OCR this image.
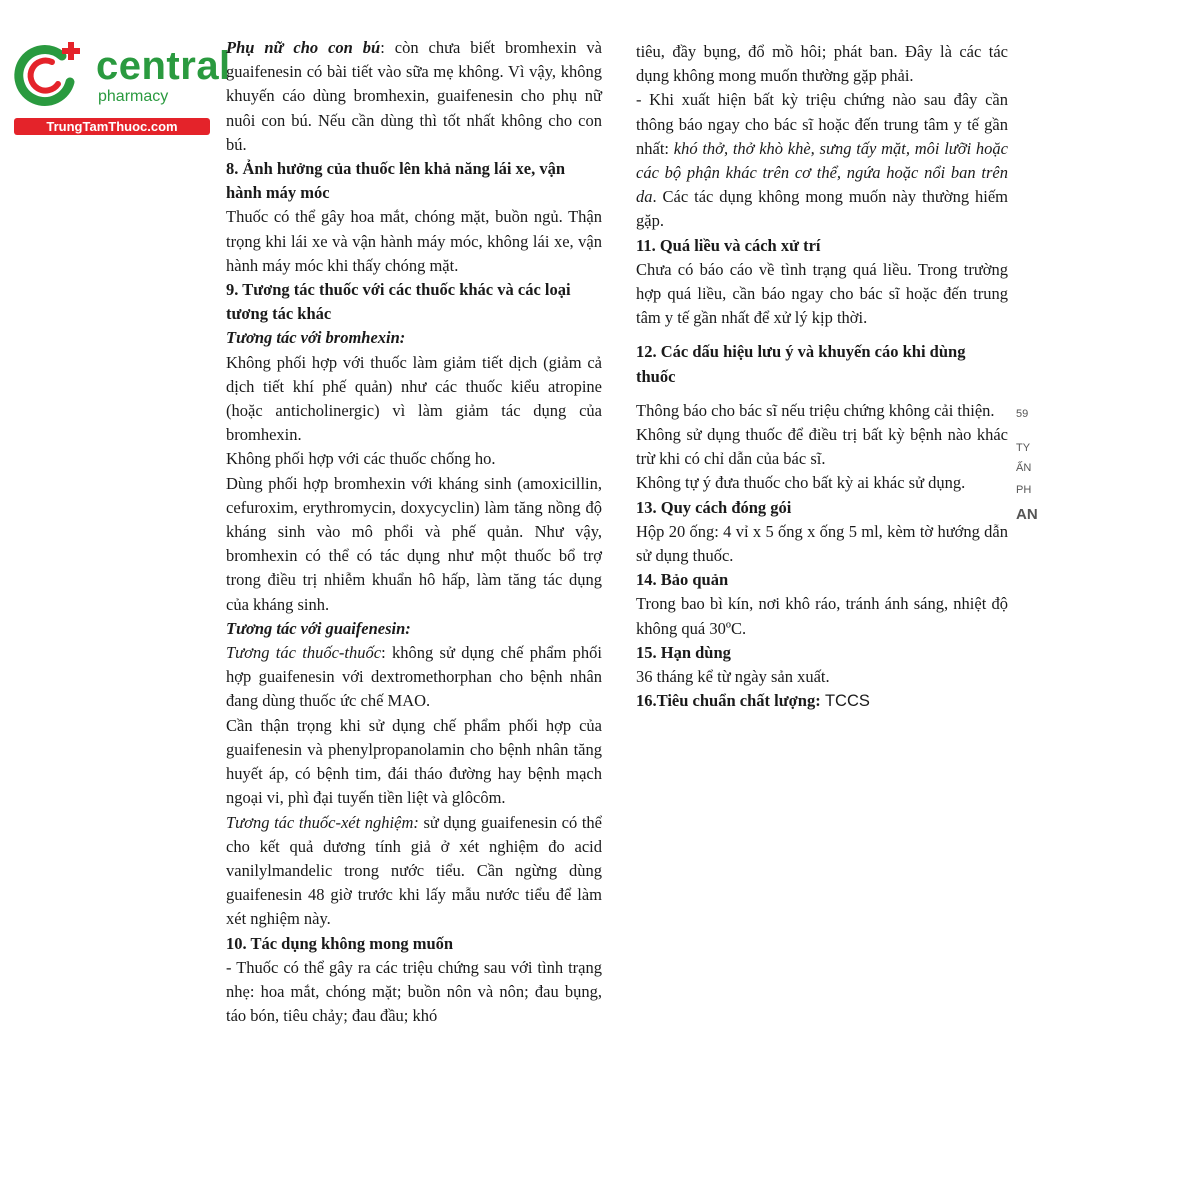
central
pharmacy
TrungTamThuoc.com

Phụ nữ cho con bú: còn chưa biết bromhexin và guaifenesin có bài tiết vào sữa mẹ không. Vì vậy, không khuyến cáo dùng bromhexin, guaifenesin cho phụ nữ nuôi con bú. Nếu cần dùng thì tốt nhất không cho con bú.

8. Ảnh hưởng của thuốc lên khả năng lái xe, vận hành máy móc

Thuốc có thể gây hoa mắt, chóng mặt, buồn ngủ. Thận trọng khi lái xe và vận hành máy móc, không lái xe, vận hành máy móc khi thấy chóng mặt.

9. Tương tác thuốc với các thuốc khác và các loại tương tác khác

Tương tác với bromhexin:

Không phối hợp với thuốc làm giảm tiết dịch (giảm cả dịch tiết khí phế quản) như các thuốc kiểu atropine (hoặc anticholinergic) vì làm giảm tác dụng của bromhexin.

Không phối hợp với các thuốc chống ho.

Dùng phối hợp bromhexin với kháng sinh (amoxicillin, cefuroxim, erythromycin, doxycyclin) làm tăng nồng độ kháng sinh vào mô phổi và phế quản. Như vậy, bromhexin có thể có tác dụng như một thuốc bổ trợ trong điều trị nhiễm khuẩn hô hấp, làm tăng tác dụng của kháng sinh.

Tương tác với guaifenesin:

Tương tác thuốc-thuốc: không sử dụng chế phẩm phối hợp guaifenesin với dextromethorphan cho bệnh nhân đang dùng thuốc ức chế MAO.

Cần thận trọng khi sử dụng chế phẩm phối hợp của guaifenesin và phenylpropanolamin cho bệnh nhân tăng huyết áp, có bệnh tim, đái tháo đường hay bệnh mạch ngoại vi, phì đại tuyến tiền liệt và glôcôm.

Tương tác thuốc-xét nghiệm: sử dụng guaifenesin có thể cho kết quả dương tính giả ở xét nghiệm đo acid vanilylmandelic trong nước tiểu. Cần ngừng dùng guaifenesin 48 giờ trước khi lấy mẫu nước tiểu để làm xét nghiệm này.

10. Tác dụng không mong muốn

- Thuốc có thể gây ra các triệu chứng sau với tình trạng nhẹ: hoa mắt, chóng mặt; buồn nôn và nôn; đau bụng, táo bón, tiêu chảy; đau đầu; khó

tiêu, đầy bụng, đổ mồ hôi; phát ban. Đây là các tác dụng không mong muốn thường gặp phải.

- Khi xuất hiện bất kỳ triệu chứng nào sau đây cần thông báo ngay cho bác sĩ hoặc đến trung tâm y tế gần nhất: khó thở, thở khò khè, sưng tấy mặt, môi lưỡi hoặc các bộ phận khác trên cơ thể, ngứa hoặc nổi ban trên da. Các tác dụng không mong muốn này thường hiếm gặp.

11. Quá liều và cách xử trí

Chưa có báo cáo về tình trạng quá liều. Trong trường hợp quá liều, cần báo ngay cho bác sĩ hoặc đến trung tâm y tế gần nhất để xử lý kịp thời.

12. Các dấu hiệu lưu ý và khuyến cáo khi dùng thuốc

Thông báo cho bác sĩ nếu triệu chứng không cải thiện.

Không sử dụng thuốc để điều trị bất kỳ bệnh nào khác trừ khi có chỉ dẫn của bác sĩ.

Không tự ý đưa thuốc cho bất kỳ ai khác sử dụng.

13. Quy cách đóng gói

Hộp 20 ống: 4 vỉ x 5 ống x ống 5 ml, kèm tờ hướng dẫn sử dụng thuốc.

14. Bảo quản

Trong bao bì kín, nơi khô ráo, tránh ánh sáng, nhiệt độ không quá 30ºC.

15. Hạn dùng

36 tháng kể từ ngày sản xuất.

16.Tiêu chuẩn chất lượng: TCCS

59
TY
ẤN
PH
AN
